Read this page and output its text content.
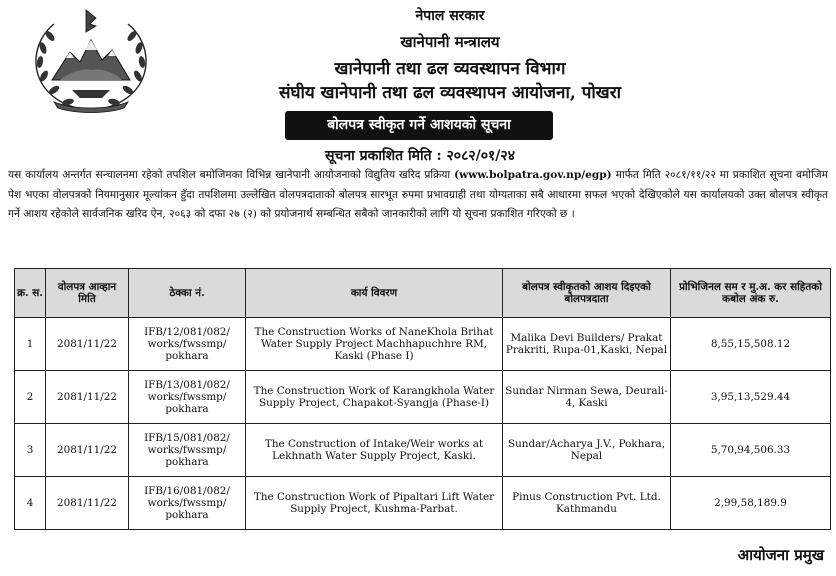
नेपाल सरकार
खानेपानी मन्त्रालय
खानेपानी तथा ढल व्यवस्थापन विभाग
संघीय खानेपानी तथा ढल व्यवस्थापन आयोजना, पोखरा
बोलपत्र स्वीकृत गर्ने आशयको सूचना
सूचना प्रकाशित मिति : २०८२/०१/२४
यस कार्यालय अन्तर्गत सन्चालनमा रहेको तपशिल बमोजिमका विभिन्न खानेपानी आयोजनाको विद्युतिय खरिद प्रक्रिया (www.bolpatra.gov.np/egp) मार्फत मिति २०८१/११/२२ मा प्रकाशित सूचना वमोजिम पेश भएका वोलपत्रको नियमानुसार मूल्यांकन हुँदा तपशिलमा उल्लेखित वोलपत्रदाताको बोलपत्र सारभूत रुपमा प्रभावग्राही तथा योग्यताका सबै आधारमा सफल भएको देखिएकोले यस कार्यालयको उक्त बोलपत्र स्वीकृत गर्ने आशय रहेकोले सार्वजनिक खरिद ऐन, २०६३ को दफा २७ (२) को प्रयोजनार्थ सम्बन्धित सबैको जानकारीको लागि यो सूचना प्रकाशित गरिएको छ ।
क्र. स.	वोलपत्र आव्हान मिति	ठेक्का नं.	कार्य विवरण	बोलपत्र स्वीकृतको आशय दिइएको बोलपत्रदाता	प्रोभिजिनल सम र मु.अ. कर सहितको कबोल अंक रु.
1	2081/11/22	IFB/12/081/082/ works/fwssmp/ pokhara	The Construction Works of NaneKhola Brihat Water Supply Project Machhapuchhre RM, Kaski (Phase I)	Malika Devi Builders/ Prakat Prakriti, Rupa-01,Kaski, Nepal	8,55,15,508.12
2	2081/11/22	IFB/13/081/082/ works/fwssmp/ pokhara	The Construction Work of Karangkhola Water Supply Project, Chapakot-Syangja (Phase-I)	Sundar Nirman Sewa, Deurali-4, Kaski	3,95,13,529.44
3	2081/11/22	IFB/15/081/082/ works/fwssmp/ pokhara	The Construction of Intake/Weir works at Lekhnath Water Supply Project, Kaski.	Sundar/Acharya J.V., Pokhara, Nepal	5,70,94,506.33
4	2081/11/22	IFB/16/081/082/ works/fwssmp/ pokhara	The Construction Work of Pipaltari Lift Water Supply Project, Kushma-Parbat.	Pinus Construction Pvt. Ltd. Kathmandu	2,99,58,189.9
आयोजना प्रमुख
